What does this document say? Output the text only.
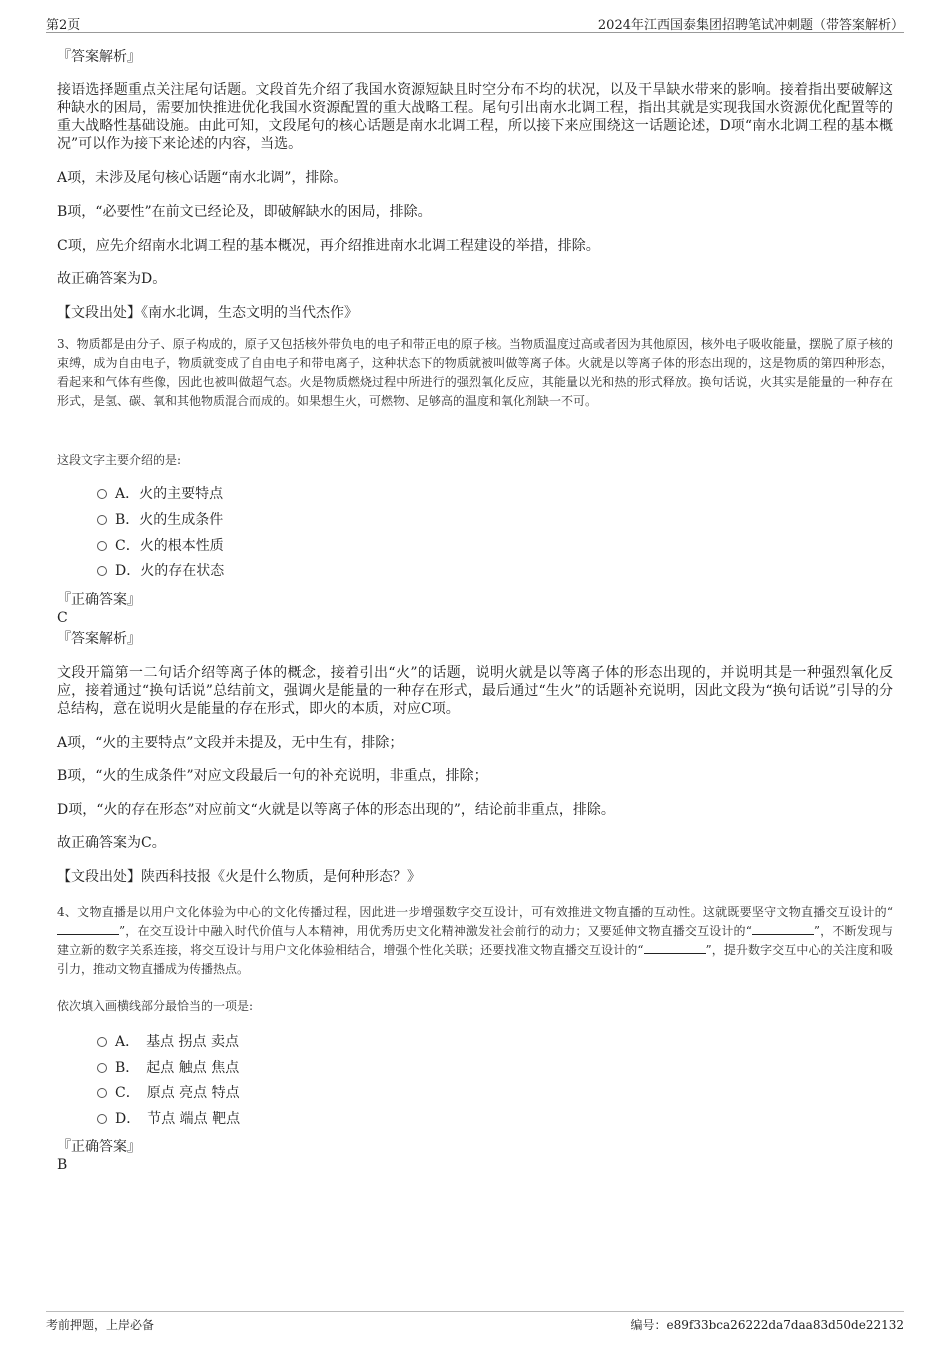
第2页	2024年江西国泰集团招聘笔试冲刺题（带答案解析）
『答案解析』
接语选择题重点关注尾句话题。文段首先介绍了我国水资源短缺且时空分布不均的状况，以及干旱缺水带来的影响。接着指出要破解这种缺水的困局，需要加快推进优化我国水资源配置的重大战略工程。尾句引出南水北调工程，指出其就是实现我国水资源优化配置等的重大战略性基础设施。由此可知，文段尾句的核心话题是南水北调工程，所以接下来应围绕这一话题论述，D项“南水北调工程的基本概况”可以作为接下来论述的内容，当选。
A项，未涉及尾句核心话题“南水北调”，排除。
B项，“必要性”在前文已经论及，即破解缺水的困局，排除。
C项，应先介绍南水北调工程的基本概况，再介绍推进南水北调工程建设的举措，排除。
故正确答案为D。
【文段出处】《南水北调，生态文明的当代杰作》
3、物质都是由分子、原子构成的，原子又包括核外带负电的电子和带正电的原子核。当物质温度过高或者因为其他原因，核外电子吸收能量，摆脱了原子核的束缚，成为自由电子，物质就变成了自由电子和带电离子，这种状态下的物质就被叫做等离子体。火就是以等离子体的形态出现的，这是物质的第四种形态，看起来和气体有些像，因此也被叫做超气态。火是物质燃烧过程中所进行的强烈氧化反应，其能量以光和热的形式释放。换句话说，火其实是能量的一种存在形式，是氢、碳、氧和其他物质混合而成的。如果想生火，可燃物、足够高的温度和氧化剂缺一不可。
这段文字主要介绍的是:
A．火的主要特点
B．火的生成条件
C．火的根本性质
D．火的存在状态
『正确答案』
C
『答案解析』
文段开篇第一二句话介绍等离子体的概念，接着引出“火”的话题，说明火就是以等离子体的形态出现的，并说明其是一种强烈氧化反应，接着通过“换句话说”总结前文，强调火是能量的一种存在形式，最后通过“生火”的话题补充说明，因此文段为“换句话说”引导的分总结构，意在说明火是能量的存在形式，即火的本质，对应C项。
A项，“火的主要特点”文段并未提及，无中生有，排除；
B项，“火的生成条件”对应文段最后一句的补充说明，非重点，排除；
D项，“火的存在形态”对应前文“火就是以等离子体的形态出现的”，结论前非重点，排除。
故正确答案为C。
【文段出处】陕西科技报《火是什么物质，是何种形态？》
4、文物直播是以用户文化体验为中心的文化传播过程，因此进一步增强数字交互设计，可有效推进文物直播的互动性。这就既要坚守文物直播交互设计的“”，在交互设计中融入时代价值与人本精神，用优秀历史文化精神激发社会前行的动力；又要延伸文物直播交互设计的“	”，不断发现与建立新的数字关系连接，将交互设计与用户文化体验相结合，增强个性化关联；还要找准文物直播交互设计的“	”，提升数字交互中心的关注度和吸引力，推动文物直播成为传播热点。
依次填入画横线部分最恰当的一项是:
A．　基点 拐点 卖点
B．　起点 触点 焦点
C．　原点 亮点 特点
D．　节点 端点 靶点
『正确答案』
B
考前押题，上岸必备	编号：e89f33bca26222da7daa83d50de22132
